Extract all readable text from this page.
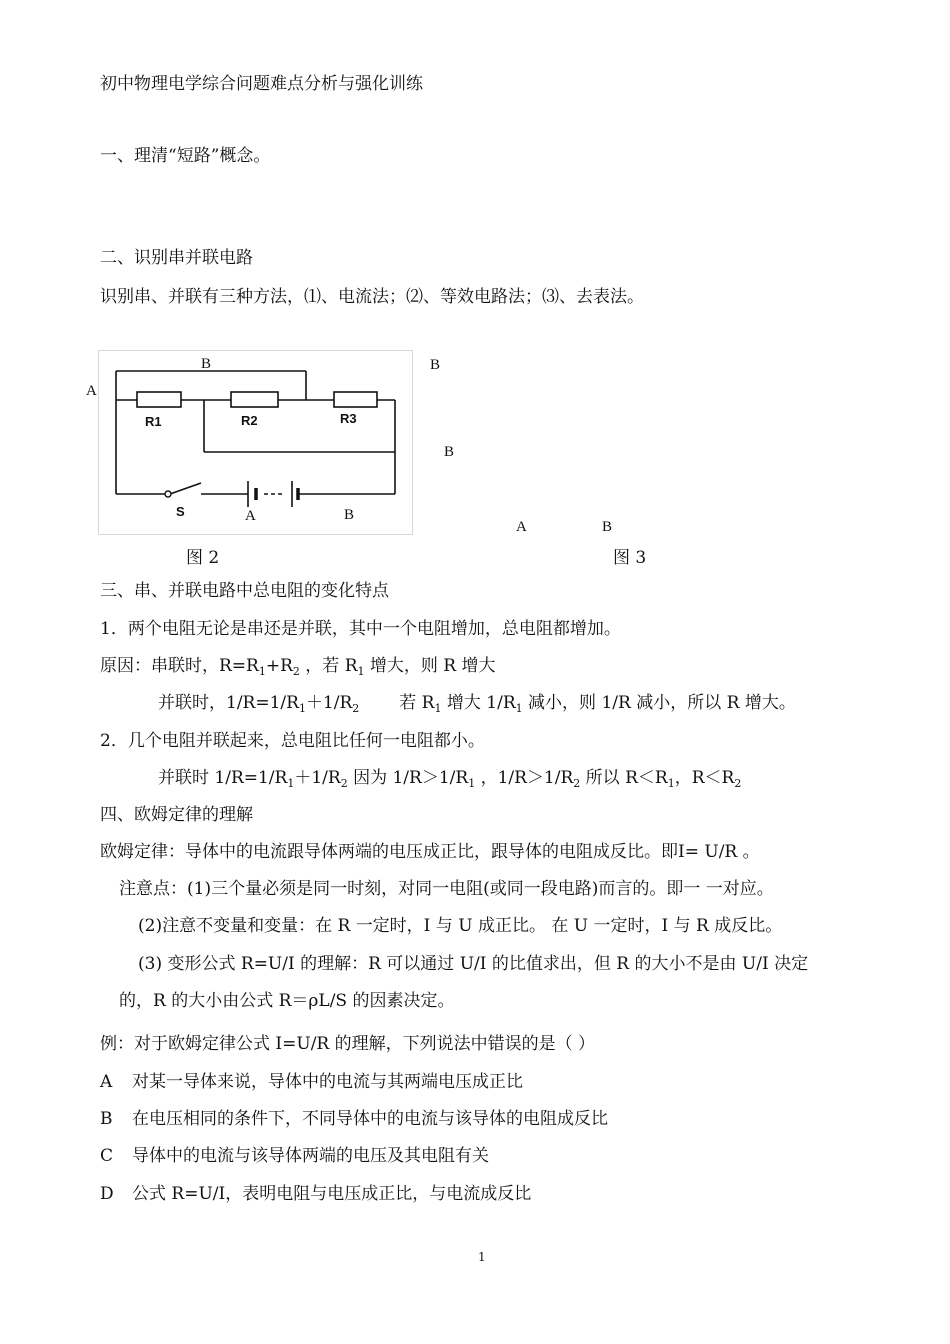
初中物理电学综合问题难点分析与强化训练
一、理清“短路”概念。
二、识别串并联电路
识别串、并联有三种方法，⑴、电流法；⑵、等效电路法；⑶、去表法。
R1	R2	R3
S
B
A	B
A
B
B
A	B
图 2	图 3
三、串、并联电路中总电阻的变化特点
1．两个电阻无论是串还是并联，其中一个电阻增加，总电阻都增加。
原因：串联时，$R=R_1+R_2$ ，若 $R_1$ 增大，则 R 增大
并联时，$1/R=1/R_1+1/R_2$ 若 $R_1$ 增大 $1/R_1$ 减小，则 1/R 减小，所以 R 增大。
2．几个电阻并联起来，总电阻比任何一电阻都小。
并联时 $1/R=1/R_1+1/R_2$ 因为 $1/R>1/R_1$ ，$1/R>1/R_2$ 所以 $R<R_1$，$R<R_2$
四、欧姆定律的理解
欧姆定律：导体中的电流跟导体两端的电压成正比，跟导体的电阻成反比。即I= U/R 。
注意点：(1)三个量必须是同一时刻，对同一电阻(或同一段电路)而言的。即一 一对应。
(2)注意不变量和变量：在 R 一定时，I 与 U 成正比。 在 U 一定时，I 与 R 成反比。
(3) 变形公式 R=U/I 的理解：R 可以通过 U/I 的比值求出，但 R 的大小不是由 U/I 决定
的，R 的大小由公式 R＝ρL/S 的因素决定。
例：对于欧姆定律公式 I=U/R 的理解，下列说法中错误的是（ ）
A 对某一导体来说，导体中的电流与其两端电压成正比
B 在电压相同的条件下，不同导体中的电流与该导体的电阻成反比
C 导体中的电流与该导体两端的电压及其电阻有关
D 公式 R=U/I，表明电阻与电压成正比，与电流成反比
1
